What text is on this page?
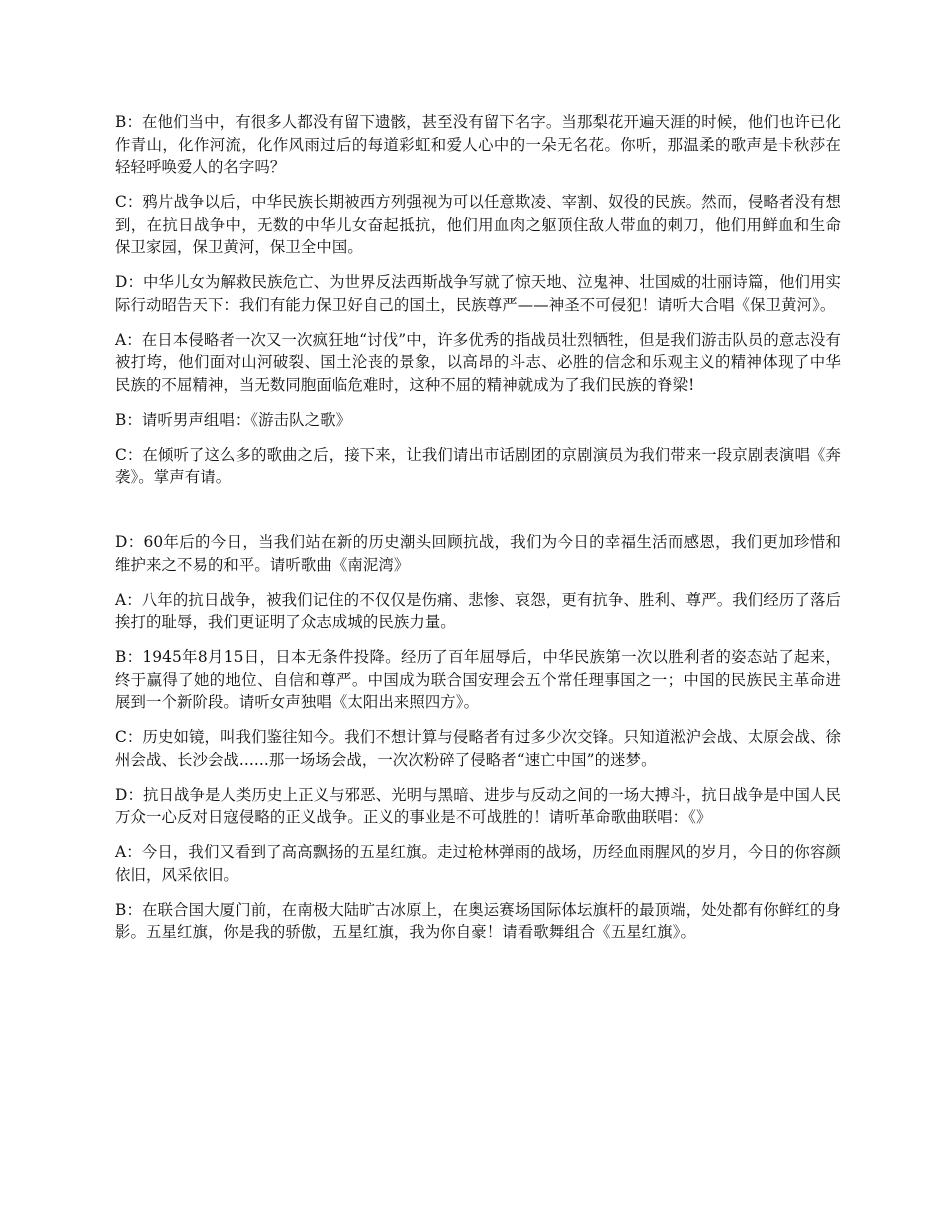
B：在他们当中，有很多人都没有留下遗骸，甚至没有留下名字。当那梨花开遍天涯的时候，他们也许已化作青山，化作河流，化作风雨过后的每道彩虹和爱人心中的一朵无名花。你听，那温柔的歌声是卡秋莎在轻轻呼唤爱人的名字吗？

C：鸦片战争以后，中华民族长期被西方列强视为可以任意欺凌、宰割、奴役的民族。然而，侵略者没有想到，在抗日战争中，无数的中华儿女奋起抵抗，他们用血肉之躯顶住敌人带血的刺刀，他们用鲜血和生命保卫家园，保卫黄河，保卫全中国。

D：中华儿女为解救民族危亡、为世界反法西斯战争写就了惊天地、泣鬼神、壮国威的壮丽诗篇，他们用实际行动昭告天下：我们有能力保卫好自己的国土，民族尊严——神圣不可侵犯！请听大合唱《保卫黄河》。

A：在日本侵略者一次又一次疯狂地“讨伐”中，许多优秀的指战员壮烈牺牲，但是我们游击队员的意志没有被打垮，他们面对山河破裂、国土沦丧的景象，以高昂的斗志、必胜的信念和乐观主义的精神体现了中华民族的不屈精神，当无数同胞面临危难时，这种不屈的精神就成为了我们民族的脊梁!

B：请听男声组唱：《游击队之歌》

C：在倾听了这么多的歌曲之后，接下来，让我们请出市话剧团的京剧演员为我们带来一段京剧表演唱《奔袭》。掌声有请。

D：60年后的今日，当我们站在新的历史潮头回顾抗战，我们为今日的幸福生活而感恩，我们更加珍惜和维护来之不易的和平。请听歌曲《南泥湾》

A：八年的抗日战争，被我们记住的不仅仅是伤痛、悲惨、哀怨，更有抗争、胜利、尊严。我们经历了落后挨打的耻辱，我们更证明了众志成城的民族力量。

B：1945年8月15日，日本无条件投降。经历了百年屈辱后，中华民族第一次以胜利者的姿态站了起来，终于赢得了她的地位、自信和尊严。中国成为联合国安理会五个常任理事国之一；中国的民族民主革命进展到一个新阶段。请听女声独唱《太阳出来照四方》。

C：历史如镜，叫我们鉴往知今。我们不想计算与侵略者有过多少次交锋。只知道淞沪会战、太原会战、徐州会战、长沙会战......那一场场会战，一次次粉碎了侵略者“速亡中国”的迷梦。

D：抗日战争是人类历史上正义与邪恶、光明与黑暗、进步与反动之间的一场大搏斗，抗日战争是中国人民万众一心反对日寇侵略的正义战争。正义的事业是不可战胜的！请听革命歌曲联唱：《》

A：今日，我们又看到了高高飘扬的五星红旗。走过枪林弹雨的战场，历经血雨腥风的岁月，今日的你容颜依旧，风采依旧。

B：在联合国大厦门前，在南极大陆旷古冰原上，在奥运赛场国际体坛旗杆的最顶端，处处都有你鲜红的身影。五星红旗，你是我的骄傲，五星红旗，我为你自豪！请看歌舞组合《五星红旗》。
